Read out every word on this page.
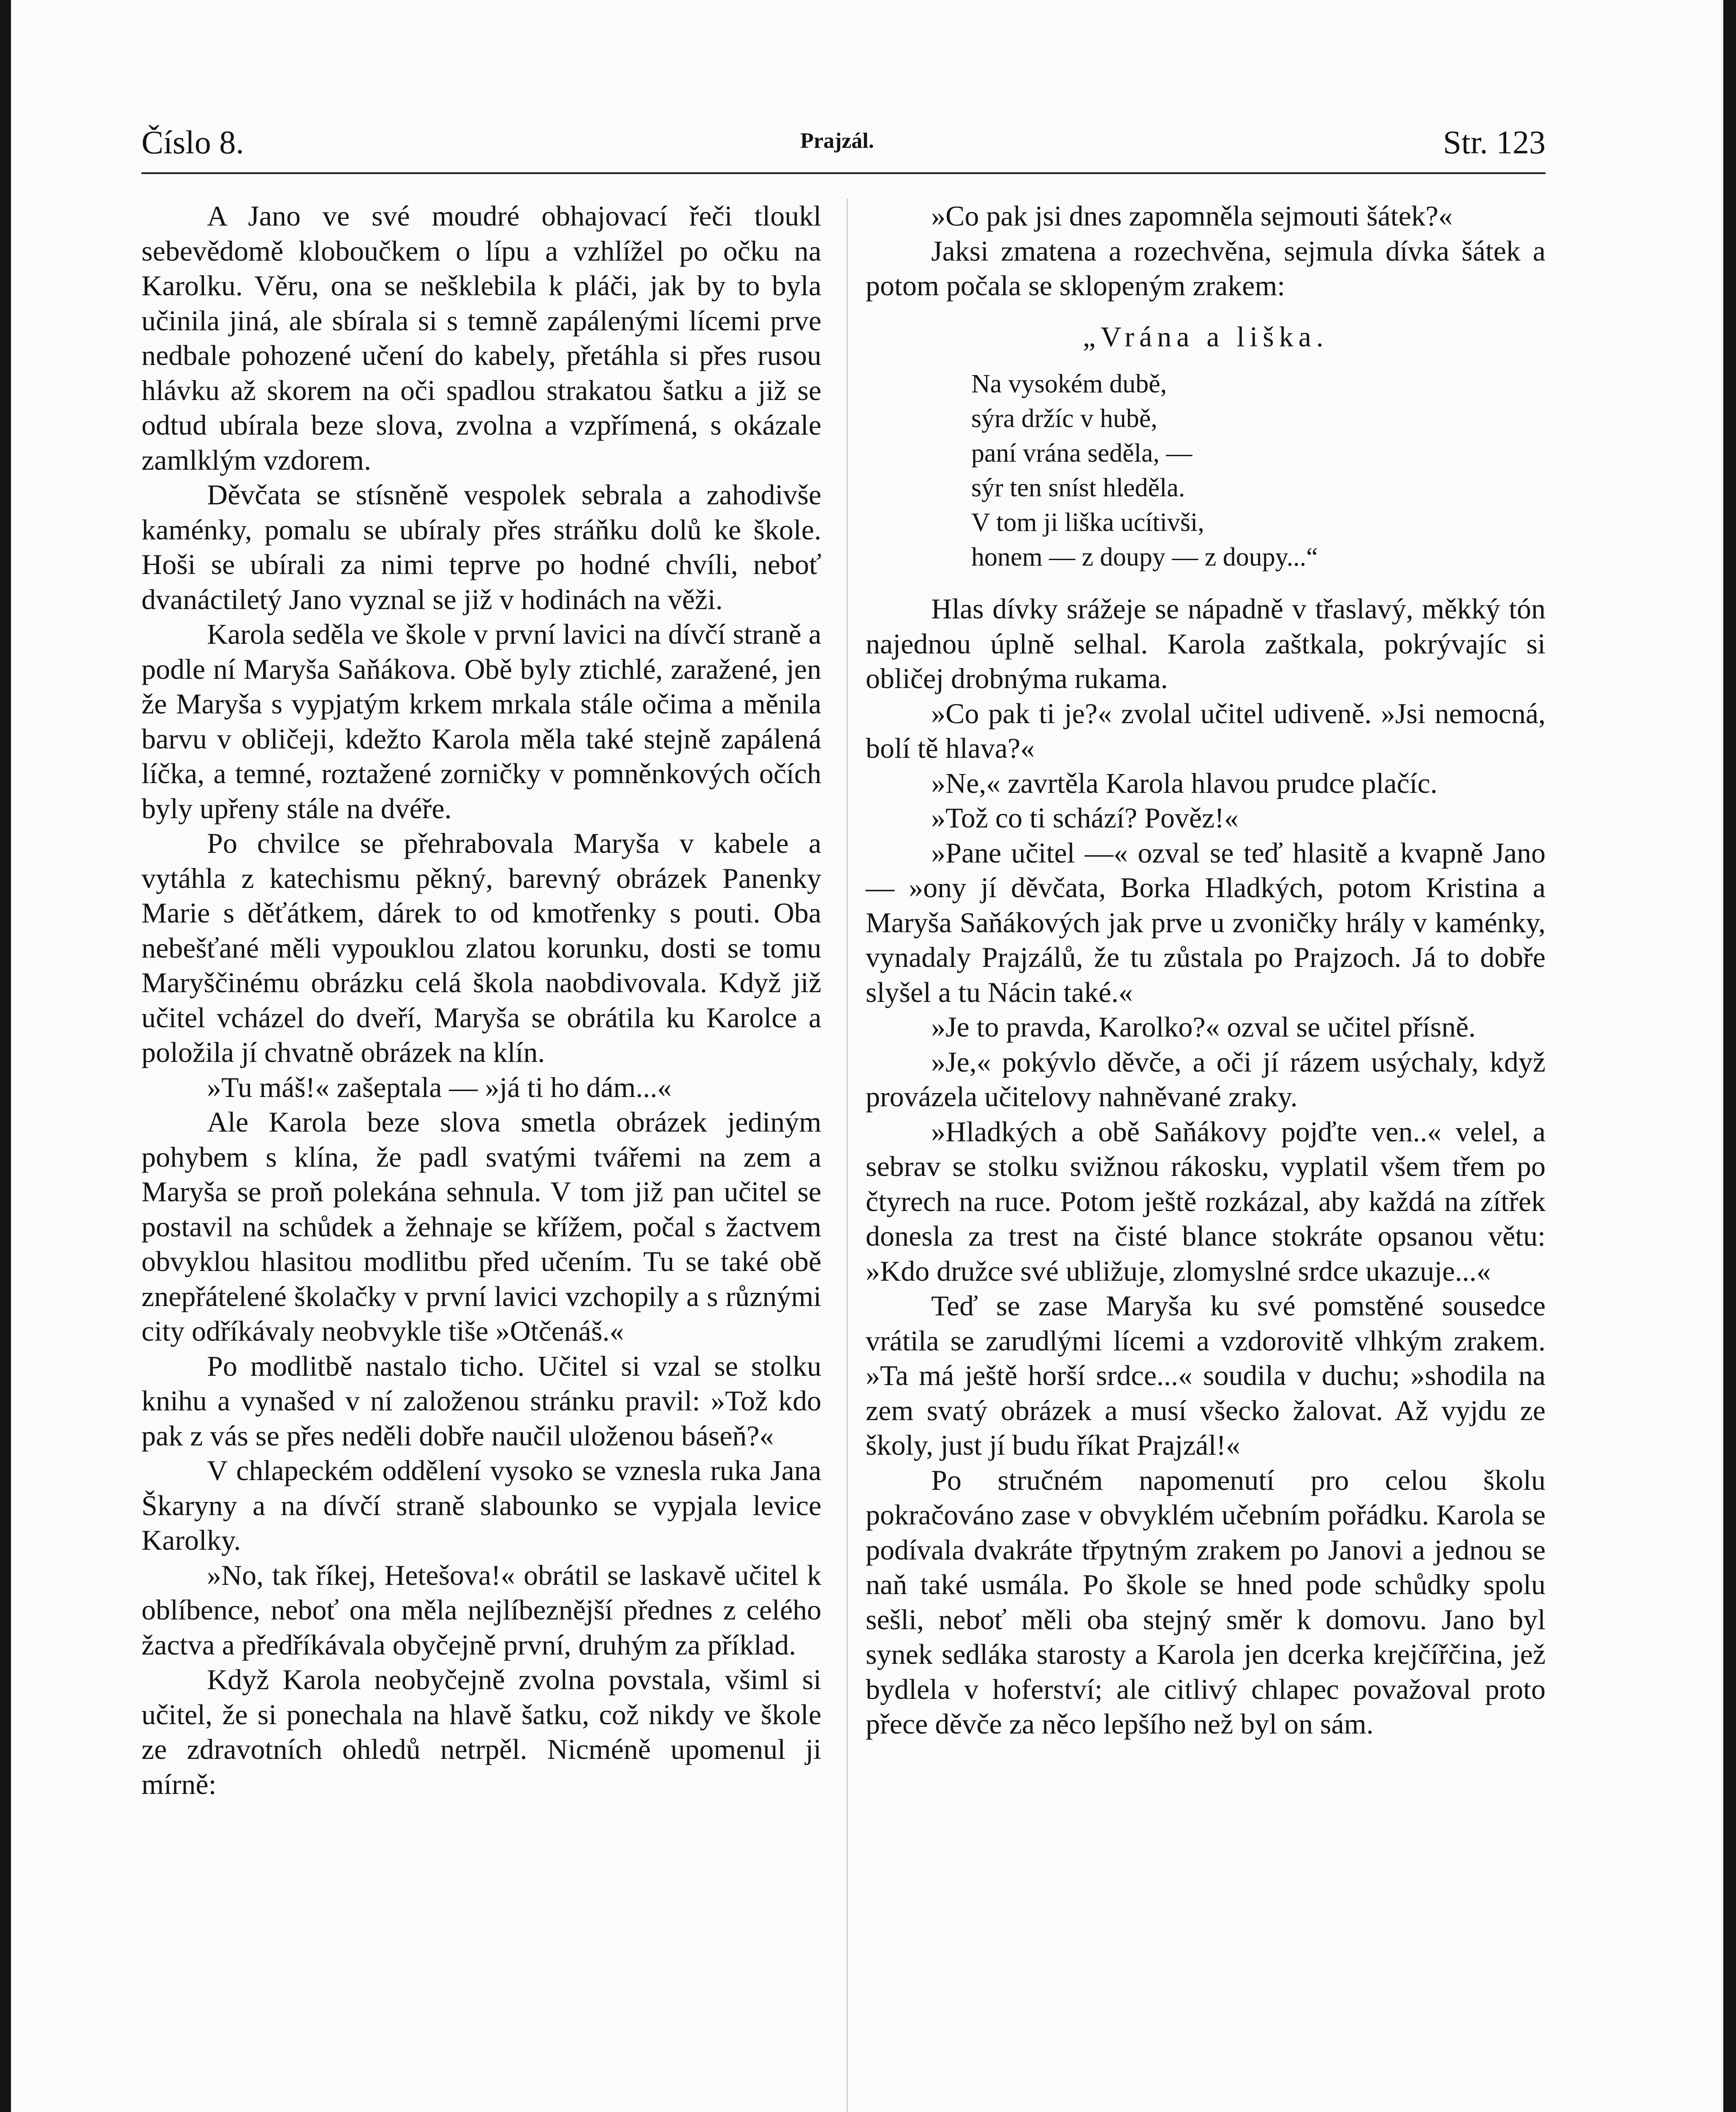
Číslo 8.	Prajzál.	Str. 123

A Jano ve své moudré obhajovací řeči tloukl sebevědomě kloboučkem o lípu a vzhlížel po očku na Karolku. Věru, ona se nešklebila k pláči, jak by to byla učinila jiná, ale sbírala si s temně zapálenými lícemi prve nedbale pohozené učení do kabely, přetáhla si přes rusou hlávku až skorem na oči spadlou strakatou šatku a již se odtud ubírala beze slova, zvolna a vzpřímená, s okázale zamlklým vzdorem.

Děvčata se stísněně vespolek sebrala a zahodivše kaménky, pomalu se ubíraly přes stráňku dolů ke škole. Hoši se ubírali za nimi teprve po hodné chvíli, neboť dvanáctiletý Jano vyznal se již v hodinách na věži.

Karola seděla ve škole v první lavici na dívčí straně a podle ní Maryša Saňákova. Obě byly ztichlé, zaražené, jen že Maryša s vypjatým krkem mrkala stále očima a měnila barvu v obličeji, kdežto Karola měla také stejně zapálená líčka, a temné, roztažené zorničky v pomněnkových očích byly upřeny stále na dvéře.

Po chvilce se přehrabovala Maryša v kabele a vytáhla z katechismu pěkný, barevný obrázek Panenky Marie s děťátkem, dárek to od kmotřenky s pouti. Oba nebešťané měli vypouklou zlatou korunku, dosti se tomu Maryščinému obrázku celá škola naobdivovala. Když již učitel vcházel do dveří, Maryša se obrátila ku Karolce a položila jí chvatně obrázek na klín.

»Tu máš!« zašeptala — »já ti ho dám...«

Ale Karola beze slova smetla obrázek jediným pohybem s klína, že padl svatými tvářemi na zem a Maryša se proň polekána sehnula. V tom již pan učitel se postavil na schůdek a žehnaje se křížem, počal s žactvem obvyklou hlasitou modlitbu před učením. Tu se také obě znepřátelené školačky v první lavici vzchopily a s různými city odříkávaly neobvykle tiše »Otčenáš.«

Po modlitbě nastalo ticho. Učitel si vzal se stolku knihu a vynašed v ní založenou stránku pravil: »Tož kdo pak z vás se přes neděli dobře naučil uloženou báseň?«

V chlapeckém oddělení vysoko se vznesla ruka Jana Škaryny a na dívčí straně slabounko se vypjala levice Karolky.

»No, tak říkej, Hetešova!« obrátil se laskavě učitel k oblíbence, neboť ona měla nejlíbeznější přednes z celého žactva a předříkávala obyčejně první, druhým za příklad.

Když Karola neobyčejně zvolna povstala, všiml si učitel, že si ponechala na hlavě šatku, což nikdy ve škole ze zdravotních ohledů netrpěl. Nicméně upomenul ji mírně:

»Co pak jsi dnes zapomněla sejmouti šátek?«

Jaksi zmatena a rozechvěna, sejmula dívka šátek a potom počala se sklopeným zrakem:

„Vrána a liška.
Na vysokém dubě,
sýra držíc v hubě,
paní vrána seděla, —
sýr ten sníst hleděla.
V tom ji liška ucítivši,
honem — z doupy — z doupy...“

Hlas dívky srážeje se nápadně v třaslavý, měkký tón najednou úplně selhal. Karola zaštkala, pokrývajíc si obličej drobnýma rukama.

»Co pak ti je?« zvolal učitel udiveně. »Jsi nemocná, bolí tě hlava?«

»Ne,« zavrtěla Karola hlavou prudce plačíc.

»Tož co ti schází? Pověz!«

»Pane učitel —« ozval se teď hlasitě a kvapně Jano — »ony jí děvčata, Borka Hladkých, potom Kristina a Maryša Saňákových jak prve u zvoničky hrály v kaménky, vynadaly Prajzálů, že tu zůstala po Prajzoch. Já to dobře slyšel a tu Nácin také.«

»Je to pravda, Karolko?« ozval se učitel přísně.

»Je,« pokývlo děvče, a oči jí rázem usýchaly, když provázela učitelovy nahněvané zraky.

»Hladkých a obě Saňákovy pojďte ven..« velel, a sebrav se stolku svižnou rákosku, vyplatil všem třem po čtyrech na ruce. Potom ještě rozkázal, aby každá na zítřek donesla za trest na čisté blance stokráte opsanou větu: »Kdo družce své ubližuje, zlomyslné srdce ukazuje...«

Teď se zase Maryša ku své pomstěné sousedce vrátila se zarudlými lícemi a vzdorovitě vlhkým zrakem. »Ta má ještě horší srdce...« soudila v duchu; »shodila na zem svatý obrázek a musí všecko žalovat. Až vyjdu ze školy, just jí budu říkat Prajzál!«

Po stručném napomenutí pro celou školu pokračováno zase v obvyklém učebním pořádku. Karola se podívala dvakráte třpytným zrakem po Janovi a jednou se naň také usmála. Po škole se hned pode schůdky spolu sešli, neboť měli oba stejný směr k domovu. Jano byl synek sedláka starosty a Karola jen dcerka krejčířčina, jež bydlela v hoferství; ale citlivý chlapec považoval proto přece děvče za něco lepšího než byl on sám.
